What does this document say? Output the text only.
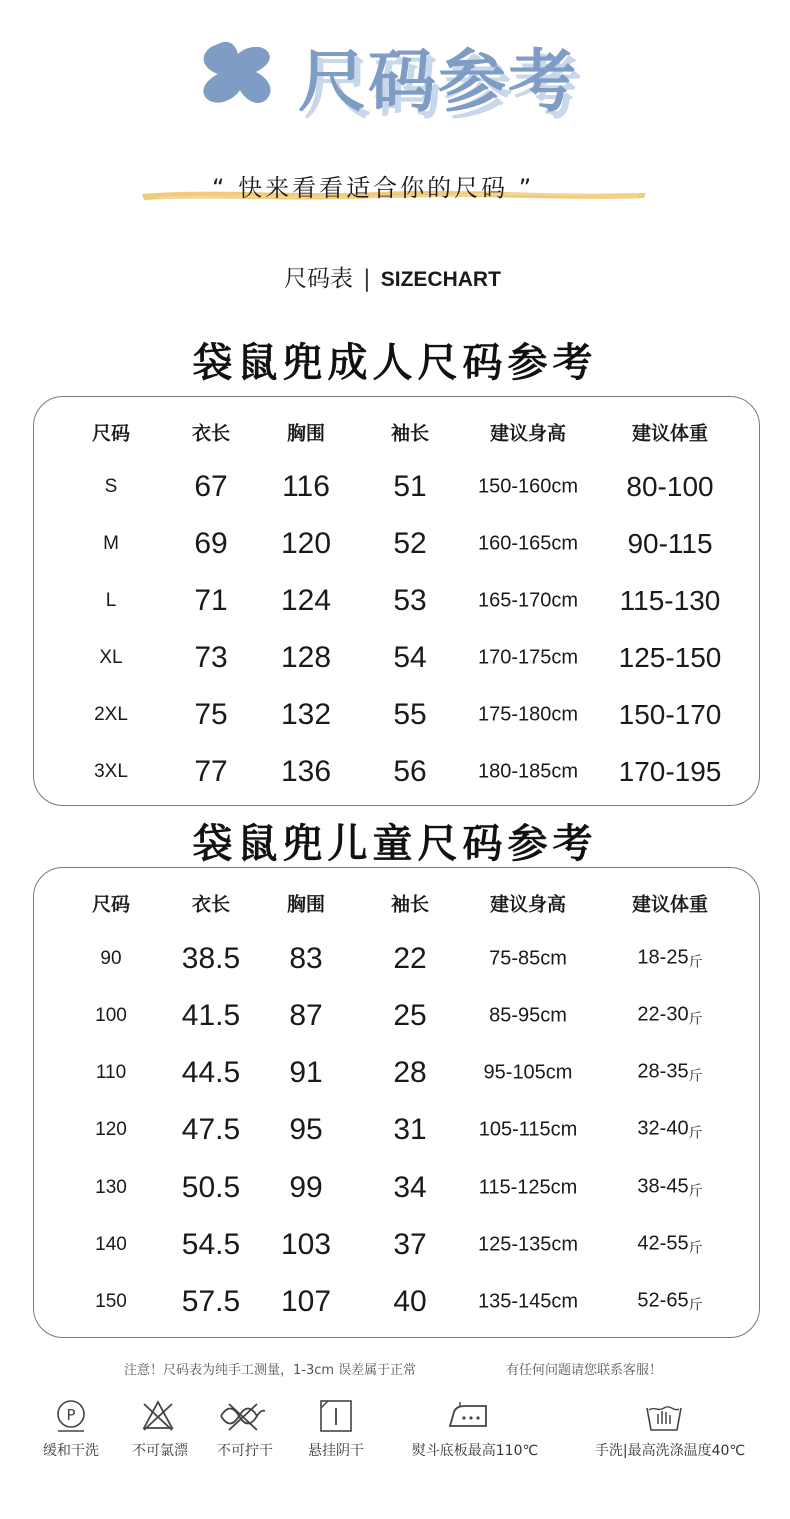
尺码参考
“ 快来看看适合你的尺码 ”
尺码表 | SIZECHART
袋鼠兜成人尺码参考
袋鼠兜儿童尺码参考
注意！尺码表为纯手工测量，1-3cm 误差属于正常	有任何问题请您联系客服！
P
缓和干洗 不可氯漂 不可拧干	悬挂阴干	熨斗底板最高110℃	手洗|最高洗涤温度40℃
尺码	衣长	胸围	袖长	建议身高	建议体重
S	67 116 51	150-160cm 80-100
M	69 120 52	160-165cm 90-115
L	71 124 53	165-170cm 115-130
XL 73 128 54	170-175cm 125-150
2XL 75 132 55	175-180cm 150-170
3XL 77 136 56	180-185cm 170-195
尺码	衣长	胸围	袖长	建议身高	建议体重
90 38.5 83 22	75-85cm	18-25斤
100 41.5 87 25	85-95cm	22-30斤
110 44.5 91 28	95-105cm	28-35斤
120 47.5 95 31	105-115cm	32-40斤
130 50.5 99 34	115-125cm	38-45斤
140 54.5 103 37	125-135cm	42-55斤
150 57.5 107 40	135-145cm	52-65斤
